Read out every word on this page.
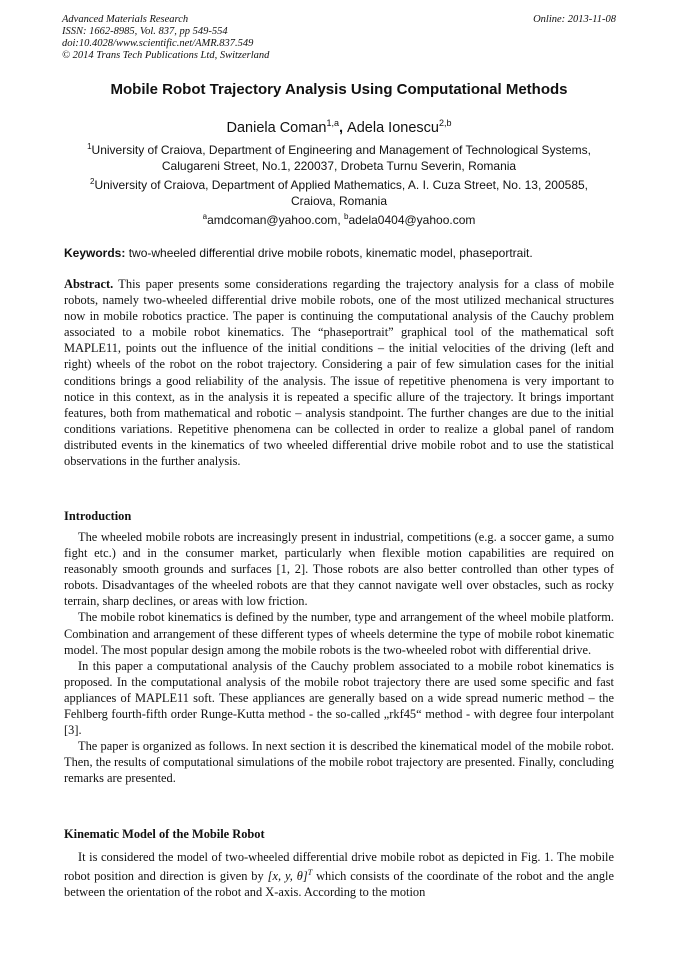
Advanced Materials Research
ISSN: 1662-8985, Vol. 837, pp 549-554
doi:10.4028/www.scientific.net/AMR.837.549
© 2014 Trans Tech Publications Ltd, Switzerland
Online: 2013-11-08
Mobile Robot Trajectory Analysis Using Computational Methods
Daniela Coman$^{1,a}$, Adela Ionescu$^{2,b}$
$^1$University of Craiova, Department of Engineering and Management of Technological Systems,
Calugareni Street, No.1, 220037, Drobeta Turnu Severin, Romania
$^2$University of Craiova, Department of Applied Mathematics, A. I. Cuza Street, No. 13, 200585,
Craiova, Romania
$^a$amdcoman@yahoo.com, $^b$adela0404@yahoo.com
Keywords: two-wheeled differential drive mobile robots, kinematic model, phaseportrait.

Abstract. This paper presents some considerations regarding the trajectory analysis for a class of mobile robots, namely two-wheeled differential drive mobile robots, one of the most utilized mechanical structures now in mobile robotics practice. The paper is continuing the computational analysis of the Cauchy problem associated to a mobile robot kinematics. The “phaseportrait” graphical tool of the mathematical soft MAPLE11, points out the influence of the initial conditions – the initial velocities of the driving (left and right) wheels of the robot on the robot trajectory. Considering a pair of few simulation cases for the initial conditions brings a good reliability of the analysis. The issue of repetitive phenomena is very important to notice in this context, as in the analysis it is repeated a specific allure of the trajectory. It brings important features, both from mathematical and robotic – analysis standpoint. The further changes are due to the initial conditions variations. Repetitive phenomena can be collected in order to realize a global panel of random distributed events in the kinematics of two wheeled differential drive mobile robot and to use the statistical observations in the further analysis.

Introduction

The wheeled mobile robots are increasingly present in industrial, competitions (e.g. a soccer game, a sumo fight etc.) and in the consumer market, particularly when flexible motion capabilities are required on reasonably smooth grounds and surfaces [1, 2]. Those robots are also better controlled than other types of robots. Disadvantages of the wheeled robots are that they cannot navigate well over obstacles, such as rocky terrain, sharp declines, or areas with low friction.

The mobile robot kinematics is defined by the number, type and arrangement of the wheel mobile platform. Combination and arrangement of these different types of wheels determine the type of mobile robot kinematic model. The most popular design among the mobile robots is the two-wheeled robot with differential drive.

In this paper a computational analysis of the Cauchy problem associated to a mobile robot kinematics is proposed. In the computational analysis of the mobile robot trajectory there are used some specific and fast appliances of MAPLE11 soft. These appliances are generally based on a wide spread numeric method – the Fehlberg fourth-fifth order Runge-Kutta method - the so-called „rkf45“ method - with degree four interpolant [3].

The paper is organized as follows. In next section it is described the kinematical model of the mobile robot. Then, the results of computational simulations of the mobile robot trajectory are presented. Finally, concluding remarks are presented.

Kinematic Model of the Mobile Robot

It is considered the model of two-wheeled differential drive mobile robot as depicted in Fig. 1. The mobile robot position and direction is given by [x, y, θ]$^T$ which consists of the coordinate of the robot and the angle between the orientation of the robot and X-axis. According to the motion
